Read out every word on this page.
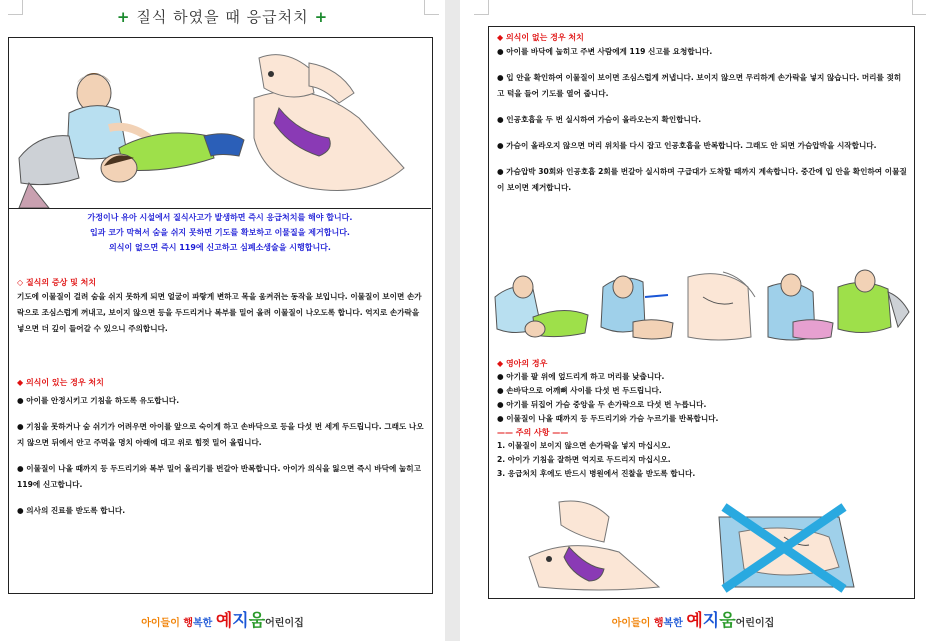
+ 질식 하였을 때 응급처치 +
가정이나 유아 시설에서 질식사고가 발생하면 즉시 응급처치를 해야 합니다.
입과 코가 막혀서 숨을 쉬지 못하면 기도를 확보하고 이물질을 제거합니다.
의식이 없으면 즉시 119에 신고하고 심폐소생술을 시행합니다.
◇ 질식의 증상 및 처치
기도에 이물질이 걸려 숨을 쉬지 못하게 되면 얼굴이 파랗게 변하고 목을 움켜쥐는 동작을 보입니다. 이물질이 보이면 손가락으로 조심스럽게 꺼내고, 보이지 않으면 등을 두드리거나 복부를 밀어 올려 이물질이 나오도록 합니다. 억지로 손가락을 넣으면 더 깊이 들어갈 수 있으니 주의합니다.
◆ 의식이 있는 경우 처치
● 아이를 안정시키고 기침을 하도록 유도합니다.
● 기침을 못하거나 숨 쉬기가 어려우면 아이를 앞으로 숙이게 하고 손바닥으로 등을 다섯 번 세게 두드립니다. 그래도 나오지 않으면 뒤에서 안고 주먹을 명치 아래에 대고 위로 힘껏 밀어 올립니다.
● 이물질이 나올 때까지 등 두드리기와 복부 밀어 올리기를 번갈아 반복합니다. 아이가 의식을 잃으면 즉시 바닥에 눕히고 119에 신고합니다.
● 의사의 진료를 받도록 합니다.
아이들이 행복한 예지움어린이집
◆ 의식이 없는 경우 처치
● 아이를 바닥에 눕히고 주변 사람에게 119 신고를 요청합니다.
● 입 안을 확인하여 이물질이 보이면 조심스럽게 꺼냅니다. 보이지 않으면 무리하게 손가락을 넣지 않습니다. 머리를 젖히고 턱을 들어 기도를 열어 줍니다.
● 인공호흡을 두 번 실시하여 가슴이 올라오는지 확인합니다.
● 가슴이 올라오지 않으면 머리 위치를 다시 잡고 인공호흡을 반복합니다. 그래도 안 되면 가슴압박을 시작합니다.
● 가슴압박 30회와 인공호흡 2회를 번갈아 실시하며 구급대가 도착할 때까지 계속합니다. 중간에 입 안을 확인하여 이물질이 보이면 제거합니다.
◆ 영아의 경우
● 아기를 팔 위에 엎드리게 하고 머리를 낮춥니다.
● 손바닥으로 어깨뼈 사이를 다섯 번 두드립니다.
● 아기를 뒤집어 가슴 중앙을 두 손가락으로 다섯 번 누릅니다.
● 이물질이 나올 때까지 등 두드리기와 가슴 누르기를 반복합니다.
—— 주의 사항 ——
1. 이물질이 보이지 않으면 손가락을 넣지 마십시오.
2. 아이가 기침을 잘하면 억지로 두드리지 마십시오.
3. 응급처치 후에도 반드시 병원에서 진찰을 받도록 합니다.
아이들이 행복한 예지움어린이집
